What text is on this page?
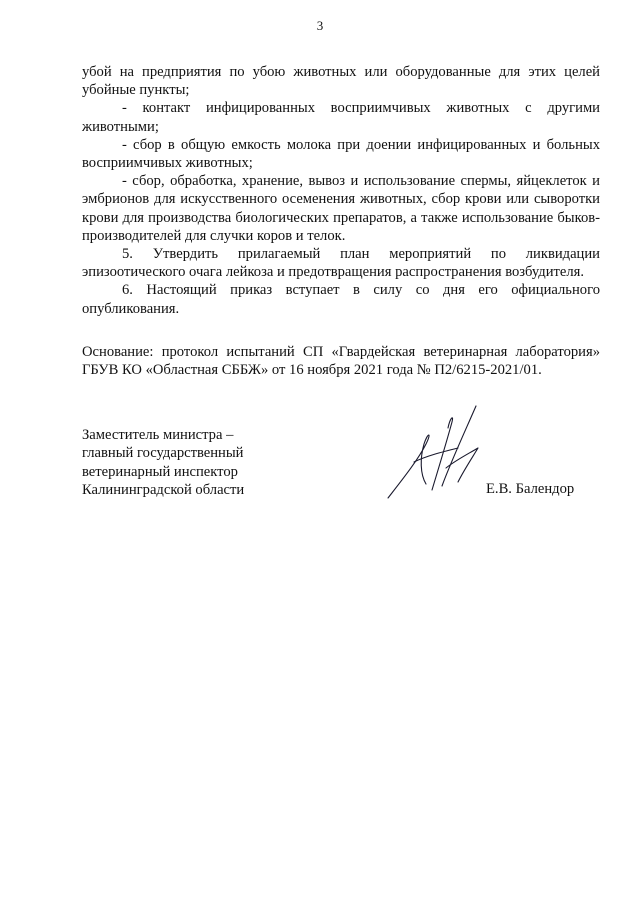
3

убой на предприятия по убою животных или оборудованные для этих целей убойные пункты;

- контакт инфицированных восприимчивых животных с другими животными;

- сбор в общую емкость молока при доении инфицированных и больных восприимчивых животных;

- сбор, обработка, хранение, вывоз и использование спермы, яйцеклеток и эмбрионов для искусственного осеменения животных, сбор крови или сыворотки крови для производства биологических препаратов, а также использование быков-производителей для случки коров и телок.

5. Утвердить прилагаемый план мероприятий по ликвидации эпизоотического очага лейкоза и предотвращения распространения возбудителя.

6. Настоящий приказ вступает в силу со дня его официального опубликования.

Основание: протокол испытаний СП «Гвардейская ветеринарная лаборатория» ГБУВ КО «Областная СББЖ» от 16 ноября 2021 года № П2/6215-2021/01.

Заместитель министра –
главный государственный
ветеринарный инспектор
Калининградской области	Е.В. Балендор
